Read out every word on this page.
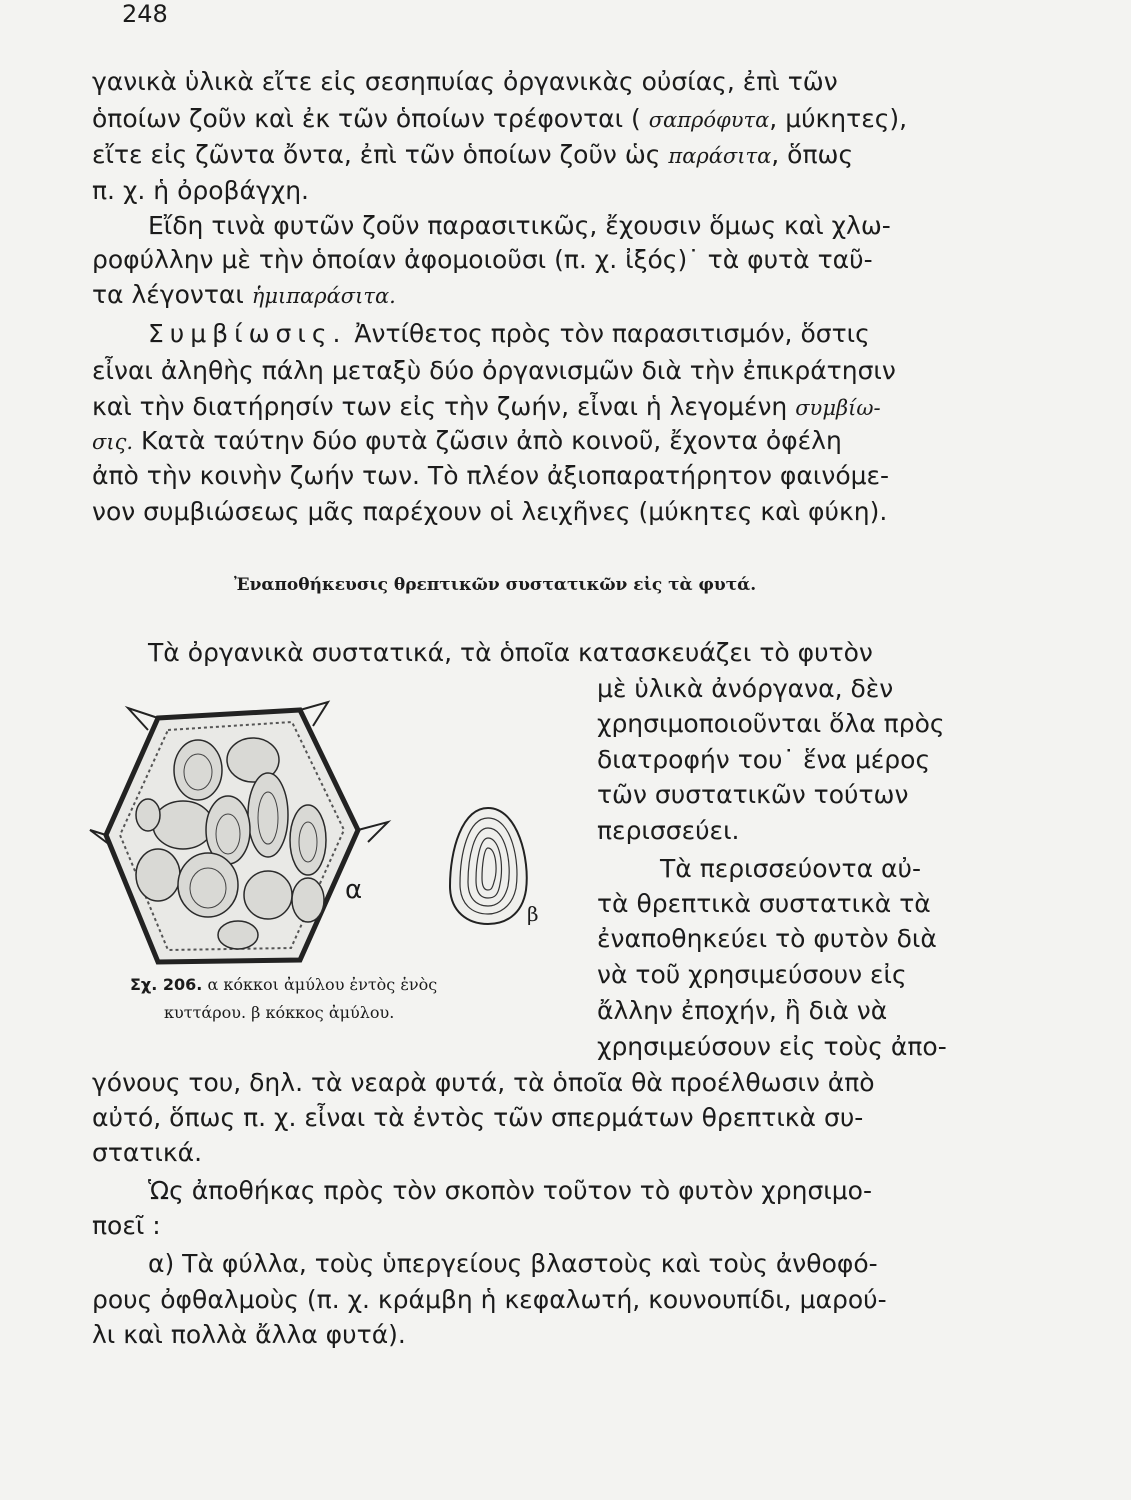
248
γανικὰ ὑλικὰ εἴτε εἰς σεσηπυίας ὀργανικὰς οὐσίας, ἐπὶ τῶν
ὁποίων ζοῦν καὶ ἐκ τῶν ὁποίων τρέφονται ( σαπρόφυτα, μύκητες),
εἴτε εἰς ζῶντα ὄντα, ἐπὶ τῶν ὁποίων ζοῦν ὡς παράσιτα, ὅπως
π. χ. ἡ ὀροβάγχη.
Εἴδη τινὰ φυτῶν ζοῦν παρασιτικῶς, ἔχουσιν ὅμως καὶ χλω-
ροφύλλην μὲ τὴν ὁποίαν ἀφομοιοῦσι (π. χ. ἰξός)˙ τὰ φυτὰ ταῦ-
τα λέγονται ἡμιπαράσιτα.
Συμβίωσις. Ἀντίθετος πρὸς τὸν παρασιτισμόν, ὅστις
εἶναι ἀληθὴς πάλη μεταξὺ δύο ὀργανισμῶν διὰ τὴν ἐπικράτησιν
καὶ τὴν διατήρησίν των εἰς τὴν ζωήν, εἶναι ἡ λεγομένη συμβίω-
σις. Κατὰ ταύτην δύο φυτὰ ζῶσιν ἀπὸ κοινοῦ, ἔχοντα ὀφέλη
ἀπὸ τὴν κοινὴν ζωήν των. Τὸ πλέον ἀξιοπαρατήρητον φαινόμε-
νον συμβιώσεως μᾶς παρέχουν οἱ λειχῆνες (μύκητες καὶ φύκη).
Ἐναποθήκευσις θρεπτικῶν συστατικῶν εἰς τὰ φυτά.
Τὰ ὀργανικὰ συστατικά, τὰ ὁποῖα κατασκευάζει τὸ φυτὸν
μὲ ὑλικὰ ἀνόργανα, δὲν
χρησιμοποιοῦνται ὅλα πρὸς
διατροφήν του˙ ἕνα μέρος
τῶν συστατικῶν τούτων
περισσεύει.
Τὰ περισσεύοντα αὐ-
τὰ θρεπτικὰ συστατικὰ τὰ
ἐναποθηκεύει τὸ φυτὸν διὰ
νὰ τοῦ χρησιμεύσουν εἰς
ἄλλην ἐποχήν, ἢ διὰ νὰ
χρησιμεύσουν εἰς τοὺς ἀπο-
γόνους του, δηλ. τὰ νεαρὰ φυτά, τὰ ὁποῖα θὰ προέλθωσιν ἀπὸ
αὐτό, ὅπως π. χ. εἶναι τὰ ἐντὸς τῶν σπερμάτων θρεπτικὰ συ-
στατικά.
Ὡς ἀποθήκας πρὸς τὸν σκοπὸν τοῦτον τὸ φυτὸν χρησιμο-
ποεῖ :
α) Τὰ φύλλα, τοὺς ὑπεργείους βλαστοὺς καὶ τοὺς ἀνθοφό-
ρους ὀφθαλμοὺς (π. χ. κράμβη ἡ κεφαλωτή, κουνουπίδι, μαρού-
λι καὶ πολλὰ ἄλλα φυτά).
α
β
Σχ. 206. α κόκκοι ἀμύλου ἐντὸς ἑνὸς
κυττάρου. β κόκκος ἀμύλου.
